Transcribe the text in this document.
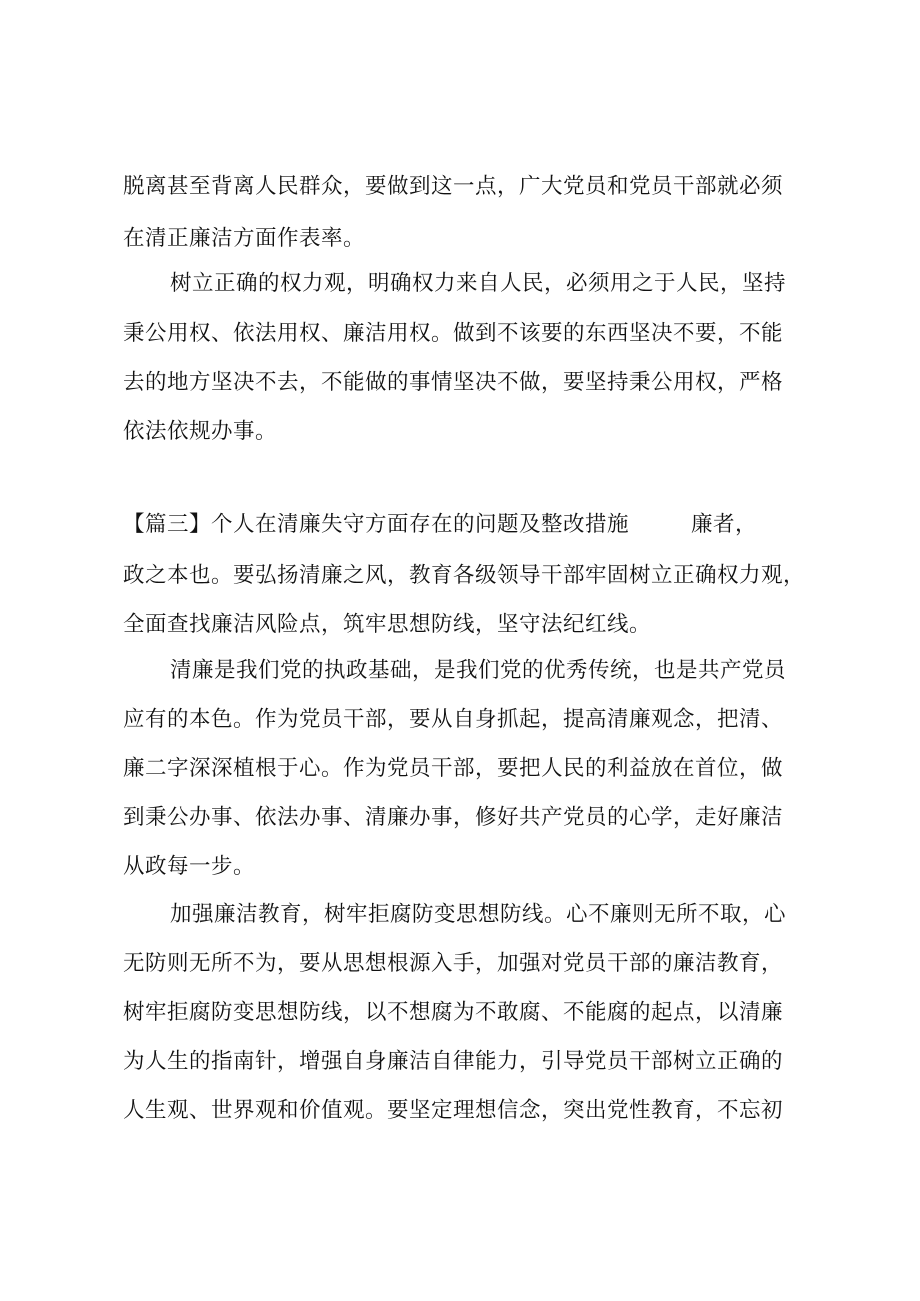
脱离甚至背离人民群众，要做到这一点，广大党员和党员干部就必须
在清正廉洁方面作表率。
树立正确的权力观，明确权力来自人民，必须用之于人民，坚持
秉公用权、依法用权、廉洁用权。做到不该要的东西坚决不要，不能
去的地方坚决不去，不能做的事情坚决不做，要坚持秉公用权，严格
依法依规办事。
【篇三】个人在清廉失守方面存在的问题及整改措施	廉者，
政之本也。要弘扬清廉之风，教育各级领导干部牢固树立正确权力观，
全面查找廉洁风险点，筑牢思想防线，坚守法纪红线。
清廉是我们党的执政基础，是我们党的优秀传统，也是共产党员
应有的本色。作为党员干部，要从自身抓起，提高清廉观念，把清、
廉二字深深植根于心。作为党员干部，要把人民的利益放在首位，做
到秉公办事、依法办事、清廉办事，修好共产党员的心学，走好廉洁
从政每一步。
加强廉洁教育，树牢拒腐防变思想防线。心不廉则无所不取，心
无防则无所不为，要从思想根源入手，加强对党员干部的廉洁教育，
树牢拒腐防变思想防线，以不想腐为不敢腐、不能腐的起点，以清廉
为人生的指南针，增强自身廉洁自律能力，引导党员干部树立正确的
人生观、世界观和价值观。要坚定理想信念，突出党性教育，不忘初
